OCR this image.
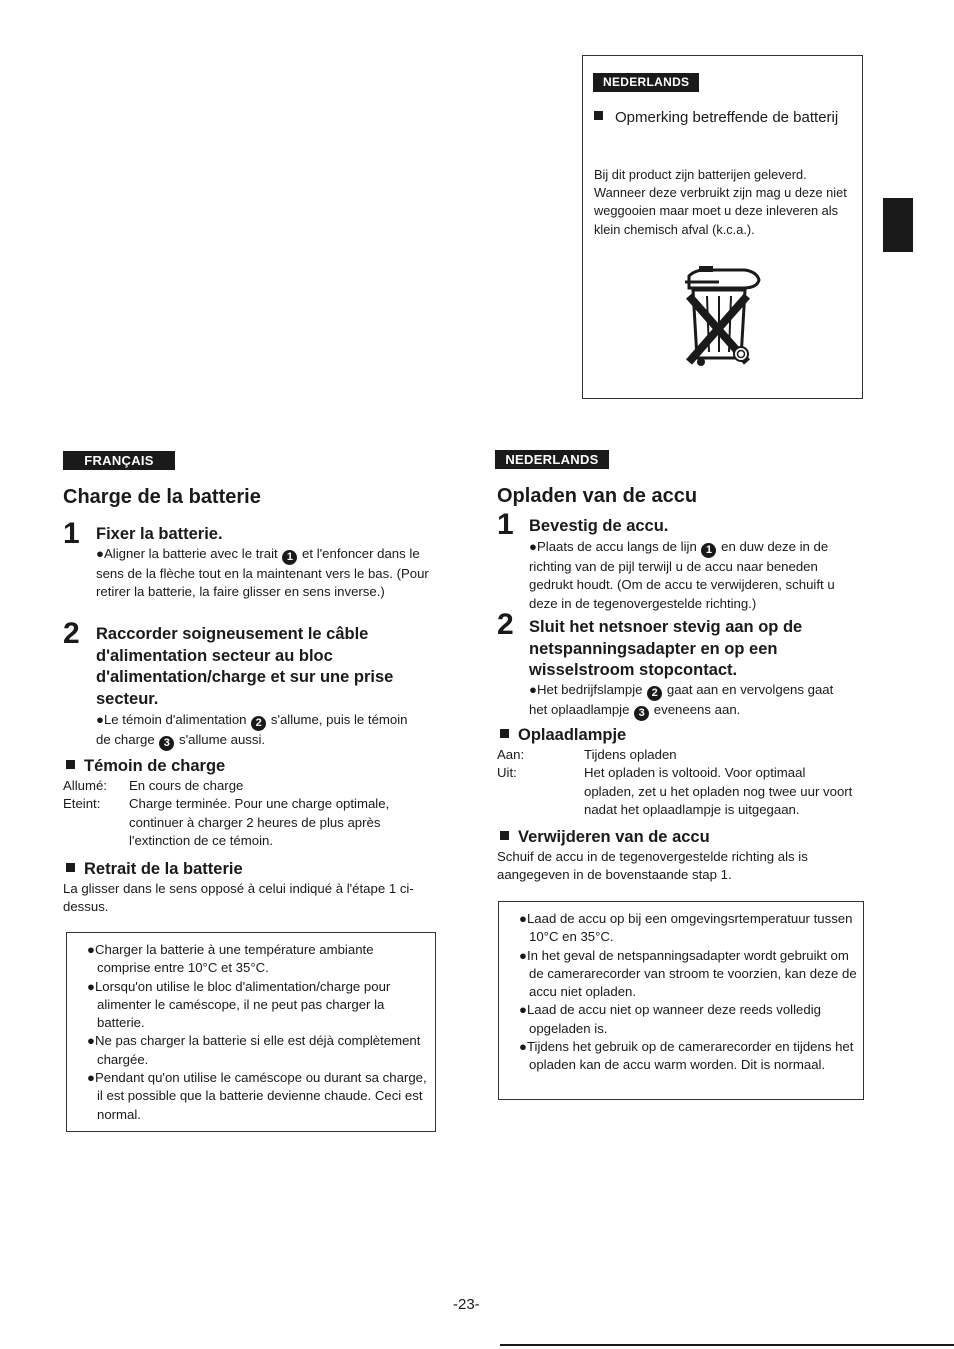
NEDERLANDS
Opmerking betreffende de batterij
Bij dit product zijn batterijen geleverd. Wanneer deze verbruikt zijn mag u deze niet weggooien maar moet u deze inleveren als klein chemisch afval (k.c.a.).
FRANÇAIS
Charge de la batterie
1 Fixer la batterie.
●Aligner la batterie avec le trait 1 et l'enfoncer dans le sens de la flèche tout en la maintenant vers le bas. (Pour retirer la batterie, la faire glisser en sens inverse.)
2 Raccorder soigneusement le câble d'alimentation secteur au bloc d'alimentation/charge et sur une prise secteur.
●Le témoin d'alimentation 2 s'allume, puis le témoin de charge 3 s'allume aussi.
Témoin de charge
Allumé:	En cours de charge
Eteint:	Charge terminée. Pour une charge optimale, continuer à charger 2 heures de plus après l'extinction de ce témoin.
Retrait de la batterie
La glisser dans le sens opposé à celui indiqué à l'étape 1 ci-dessus.
●Charger la batterie à une température ambiante comprise entre 10°C et 35°C.
●Lorsqu'on utilise le bloc d'alimentation/charge pour alimenter le caméscope, il ne peut pas charger la batterie.
●Ne pas charger la batterie si elle est déjà complètement chargée.
●Pendant qu'on utilise le caméscope ou durant sa charge, il est possible que la batterie devienne chaude. Ceci est normal.
NEDERLANDS
Opladen van de accu
1 Bevestig de accu.
●Plaats de accu langs de lijn 1 en duw deze in de richting van de pijl terwijl u de accu naar beneden gedrukt houdt. (Om de accu te verwijderen, schuift u deze in de tegenovergestelde richting.)
2 Sluit het netsnoer stevig aan op de netspanningsadapter en op een wisselstroom stopcontact.
●Het bedrijfslampje 2 gaat aan en vervolgens gaat het oplaadlampje 3 eveneens aan.
Oplaadlampje
Aan:	Tijdens opladen
Uit:	Het opladen is voltooid. Voor optimaal opladen, zet u het opladen nog twee uur voort nadat het oplaadlampje is uitgegaan.
Verwijderen van de accu
Schuif de accu in de tegenovergestelde richting als is aangegeven in de bovenstaande stap 1.
●Laad de accu op bij een omgevingsrtemperatuur tussen 10°C en 35°C.
●In het geval de netspanningsadapter wordt gebruikt om de camerarecorder van stroom te voorzien, kan deze de accu niet opladen.
●Laad de accu niet op wanneer deze reeds volledig opgeladen is.
●Tijdens het gebruik op de camerarecorder en tijdens het opladen kan de accu warm worden. Dit is normaal.
-23-
